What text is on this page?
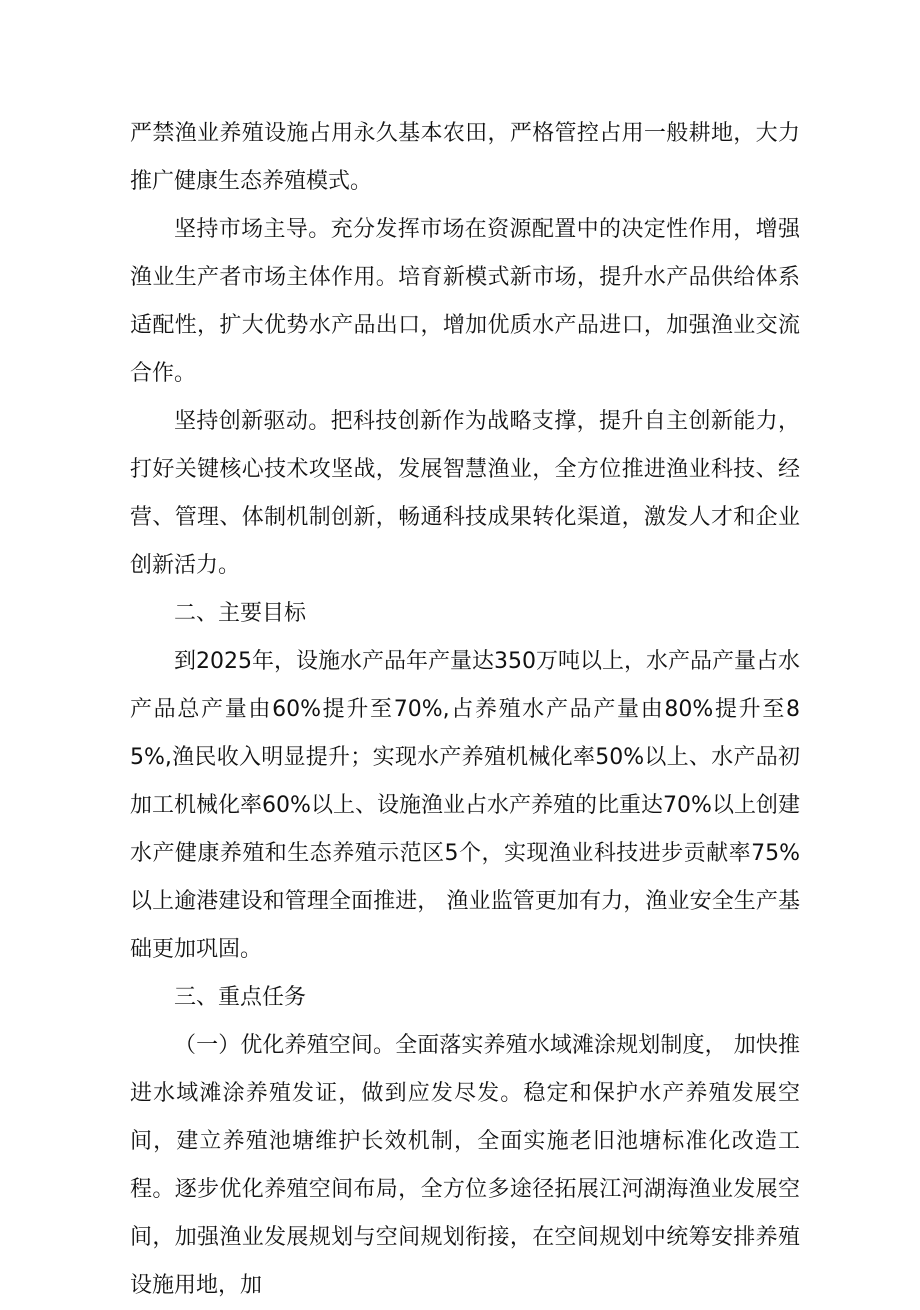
严禁渔业养殖设施占用永久基本农田，严格管控占用一般耕地，大力推广健康生态养殖模式。

坚持市场主导。充分发挥市场在资源配置中的决定性作用，增强渔业生产者市场主体作用。培育新模式新市场，提升水产品供给体系适配性，扩大优势水产品出口，增加优质水产品进口，加强渔业交流合作。

坚持创新驱动。把科技创新作为战略支撑，提升自主创新能力，打好关键核心技术攻坚战，发展智慧渔业，全方位推进渔业科技、经营、管理、体制机制创新，畅通科技成果转化渠道，激发人才和企业创新活力。

二、主要目标

到2025年，设施水产品年产量达350万吨以上，水产品产量占水产品总产量由60%提升至70%,占养殖水产品产量由80%提升至85%,渔民收入明显提升；实现水产养殖机械化率50%以上、水产品初加工机械化率60%以上、设施渔业占水产养殖的比重达70%以上创建水产健康养殖和生态养殖示范区5个，实现渔业科技进步贡献率75%以上逾港建设和管理全面推进， 渔业监管更加有力，渔业安全生产基础更加巩固。

三、重点任务

（一）优化养殖空间。全面落实养殖水域滩涂规划制度， 加快推进水域滩涂养殖发证，做到应发尽发。稳定和保护水产养殖发展空间，建立养殖池塘维护长效机制，全面实施老旧池塘标准化改造工程。逐步优化养殖空间布局，全方位多途径拓展江河湖海渔业发展空间，加强渔业发展规划与空间规划衔接，在空间规划中统筹安排养殖设施用地，加
